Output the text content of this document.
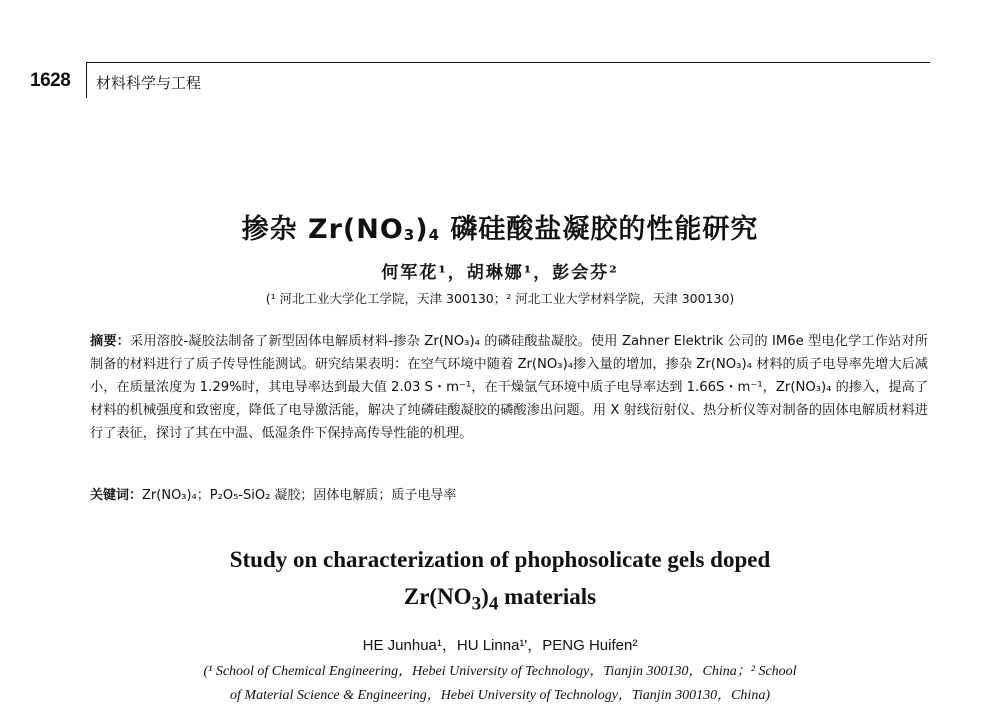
1628 材料科学与工程
掺杂 $Zr(NO_3)_4$ 磷硅酸盐凝胶的性能研究
何军花¹，胡琳娜¹，彭会芬²
(¹ 河北工业大学化工学院，天津 300130；² 河北工业大学材料学院，天津 300130)
摘要：采用溶胶-凝胶法制备了新型固体电解质材料-掺杂 Zr(NO₃)₄ 的磷硅酸盐凝胶。使用 Zahner Elektrik 公司的 IM6e 型电化学工作站对所制备的材料进行了质子传导性能测试。研究结果表明：在空气环境中随着 Zr(NO₃)₄掺入量的增加，掺杂 Zr(NO₃)₄ 材料的质子电导率先增大后减小，在质量浓度为 1.29%时，其电导率达到最大值 2.03 S・m⁻¹，在干燥氩气环境中质子电导率达到 1.66S・m⁻¹，Zr(NO₃)₄ 的掺入，提高了材料的机械强度和致密度，降低了电导激活能，解决了纯磷硅酸凝胶的磷酸渗出问题。用 X 射线衍射仪、热分析仪等对制备的固体电解质材料进行了表征，探讨了其在中温、低湿条件下保持高传导性能的机理。
关键词：Zr(NO₃)₄；P₂O₅-SiO₂ 凝胶；固体电解质；质子电导率
Study on characterization of phophosolicate gels doped
$Zr(NO_3)_4$ materials
HE Junhua¹，HU Linna¹'，PENG Huifen²
(¹ School of Chemical Engineering，Hebei University of Technology，Tianjin 300130，China；² School
of Material Science & Engineering，Hebei University of Technology，Tianjin 300130，China)
